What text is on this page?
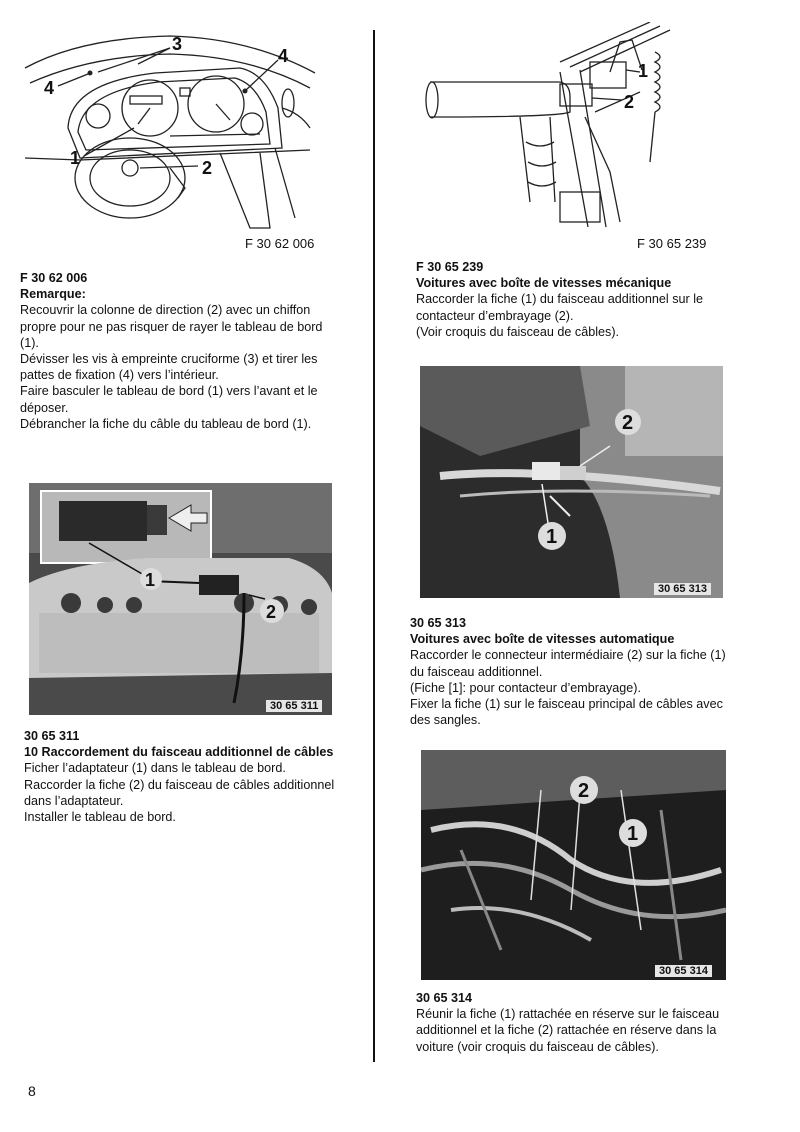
1	2
3
4
4
F 30 62 006
F 30 62 006
Remarque:

Recouvrir la colonne de direction (2) avec un chiffon propre pour ne pas risquer de rayer le tableau de bord (1).

Dévisser les vis à empreinte cruciforme (3) et tirer les pattes de fixation (4) vers l’intérieur.

Faire basculer le tableau de bord (1) vers l’avant et le déposer.

Débrancher la fiche du câble du tableau de bord (1).

1
2
30 65 311
30 65 311
10 Raccordement du faisceau additionnel de câbles

Ficher l’adaptateur (1) dans le tableau de bord.

Raccorder la fiche (2) du faisceau de câbles additionnel dans l’adaptateur.

Installer le tableau de bord.

1
2
F 30 65 239
F 30 65 239
Voitures avec boîte de vitesses mécanique

Raccorder la fiche (1) du faisceau additionnel sur le contacteur d’embrayage (2).

(Voir croquis du faisceau de câbles).

2
1
30 65 313
30 65 313
Voitures avec boîte de vitesses automatique

Raccorder le connecteur intermédiaire (2) sur la fiche (1) du faisceau additionnel.

(Fiche [1]: pour contacteur d’embrayage).

Fixer la fiche (1) sur le faisceau principal de câbles avec des sangles.

2
1
30 65 314
30 65 314

Réunir la fiche (1) rattachée en réserve sur le faisceau additionnel et la fiche (2) rattachée en réserve dans la voiture (voir croquis du faisceau de câbles).

8
